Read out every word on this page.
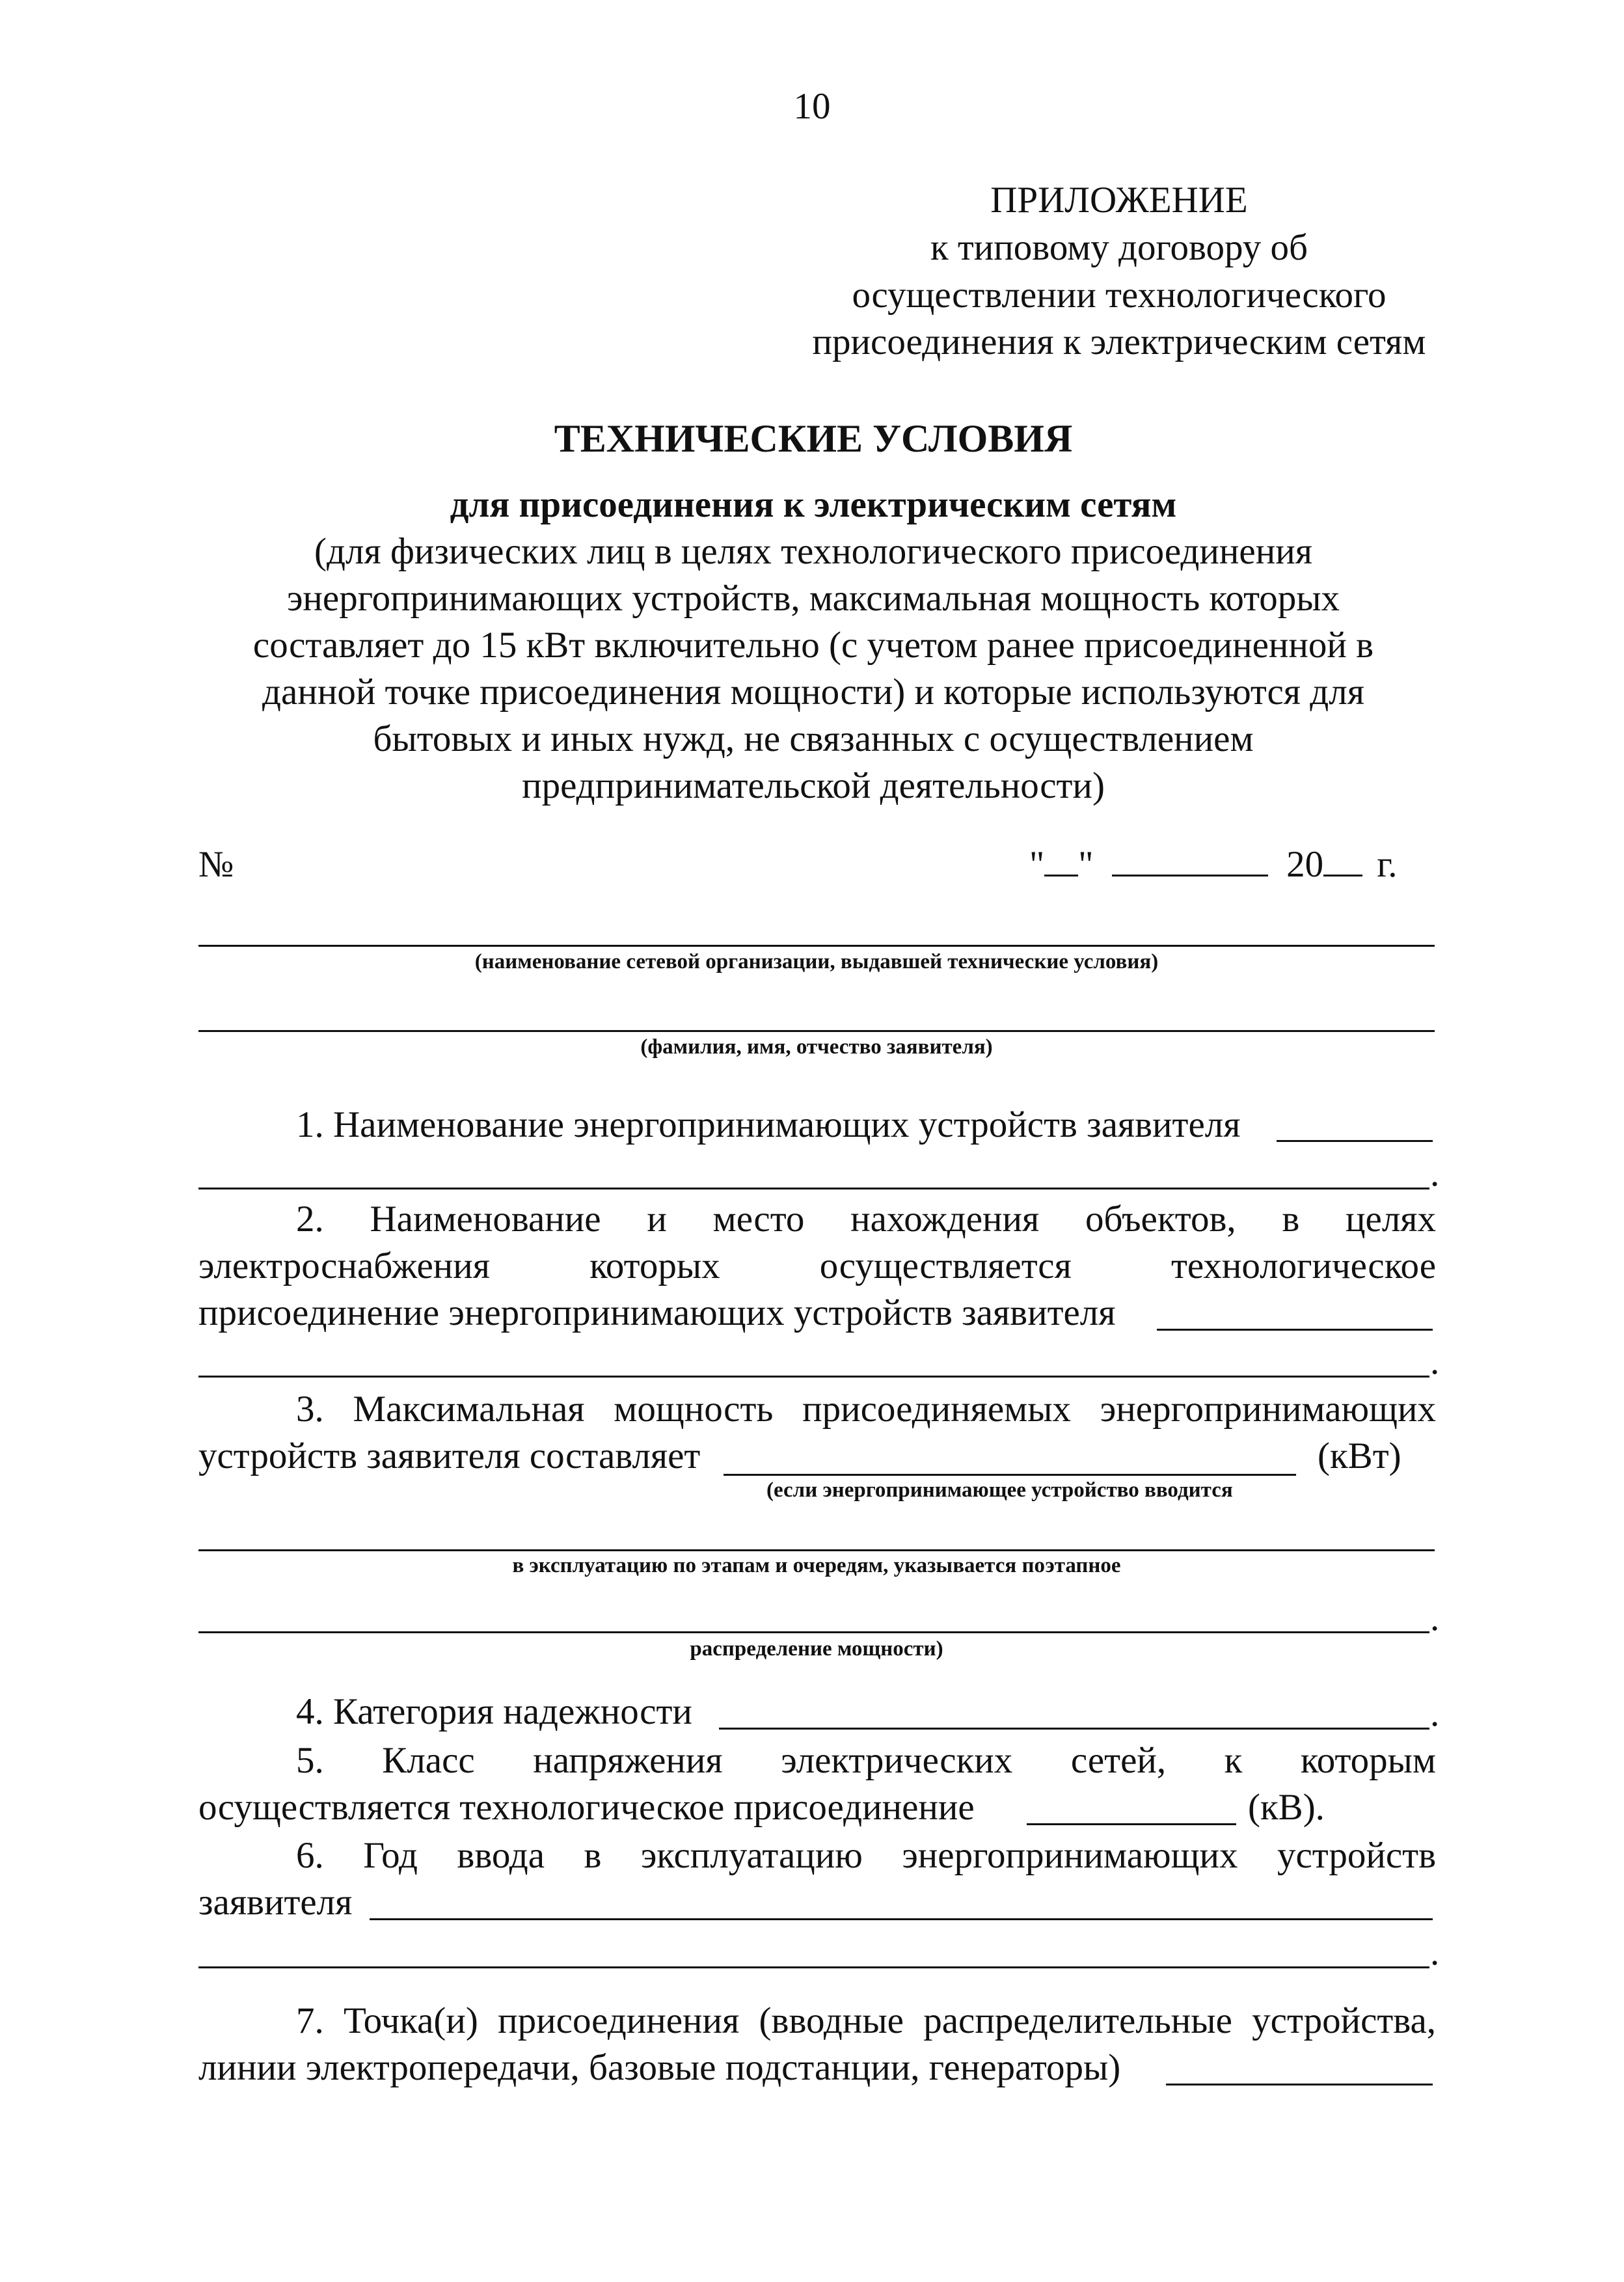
10
ПРИЛОЖЕНИЕ
к типовому договору об
осуществлении технологического
присоединения к электрическим сетям
ТЕХНИЧЕСКИЕ УСЛОВИЯ
для присоединения к электрическим сетям
(для физических лиц в целях технологического присоединения
энергопринимающих устройств, максимальная мощность которых
составляет до 15 кВт включительно (с учетом ранее присоединенной в
данной точке присоединения мощности) и которые используются для
бытовых и иных нужд, не связанных с осуществлением
предпринимательской деятельности)
№	" "	20 г.
(наименование сетевой организации, выдавшей технические условия)
(фамилия, имя, отчество заявителя)
1. Наименование энергопринимающих устройств заявителя
.
2. Наименование и место нахождения объектов, в целях
электроснабжения которых осуществляется технологическое
присоединение энергопринимающих устройств заявителя
.
3. Максимальная мощность присоединяемых энергопринимающих
устройств заявителя составляет	(кВт)
(если энергопринимающее устройство вводится
в эксплуатацию по этапам и очередям, указывается поэтапное
.
распределение мощности)
4. Категория надежности	.
5. Класс напряжения электрических сетей, к которым
осуществляется технологическое присоединение	(кВ).
6. Год ввода в эксплуатацию энергопринимающих устройств
заявителя
.
7. Точка(и) присоединения (вводные распределительные устройства,
линии электропередачи, базовые подстанции, генераторы)
